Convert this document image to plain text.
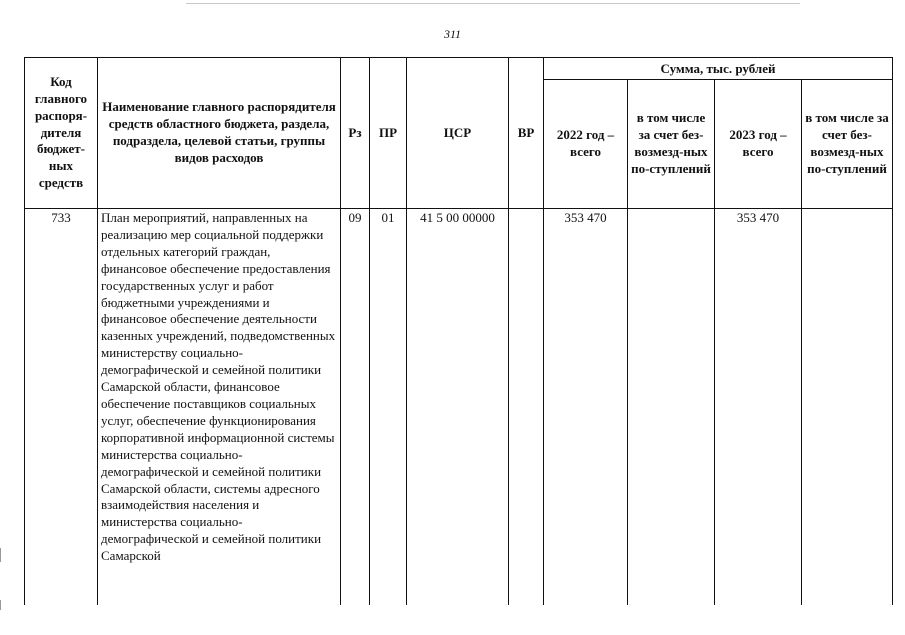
311
Код главного распоря-дителя бюджет-ных средств	Наименование главного распорядителя средств областного бюджета, раздела, подраздела, целевой статьи, группы видов расходов	Рз	ПР	ЦСР	ВР	Сумма, тыс. рублей			
						2022 год – всего	в том числе за счет без-возмезд-ных по-ступлений	2023 год – всего	в том числе за счет без-возмезд-ных по-ступлений
733	План мероприятий, направленных на реализацию мер социальной поддержки отдельных категорий граждан, финансовое обеспечение предоставления государственных услуг и работ бюджетными учреждениями и финансовое обеспечение деятельности казенных учреждений, подведомственных министерству социально-демографической и семейной политики Самарской области, финансовое обеспечение поставщиков социальных услуг, обеспечение функционирования корпоративной информационной системы министерства социально-демографической и семейной политики Самарской области, системы адресного взаимодействия населения и министерства социально-демографической и семейной политики Самарской	09	01	41 5 00 00000		353 470		353 470	
